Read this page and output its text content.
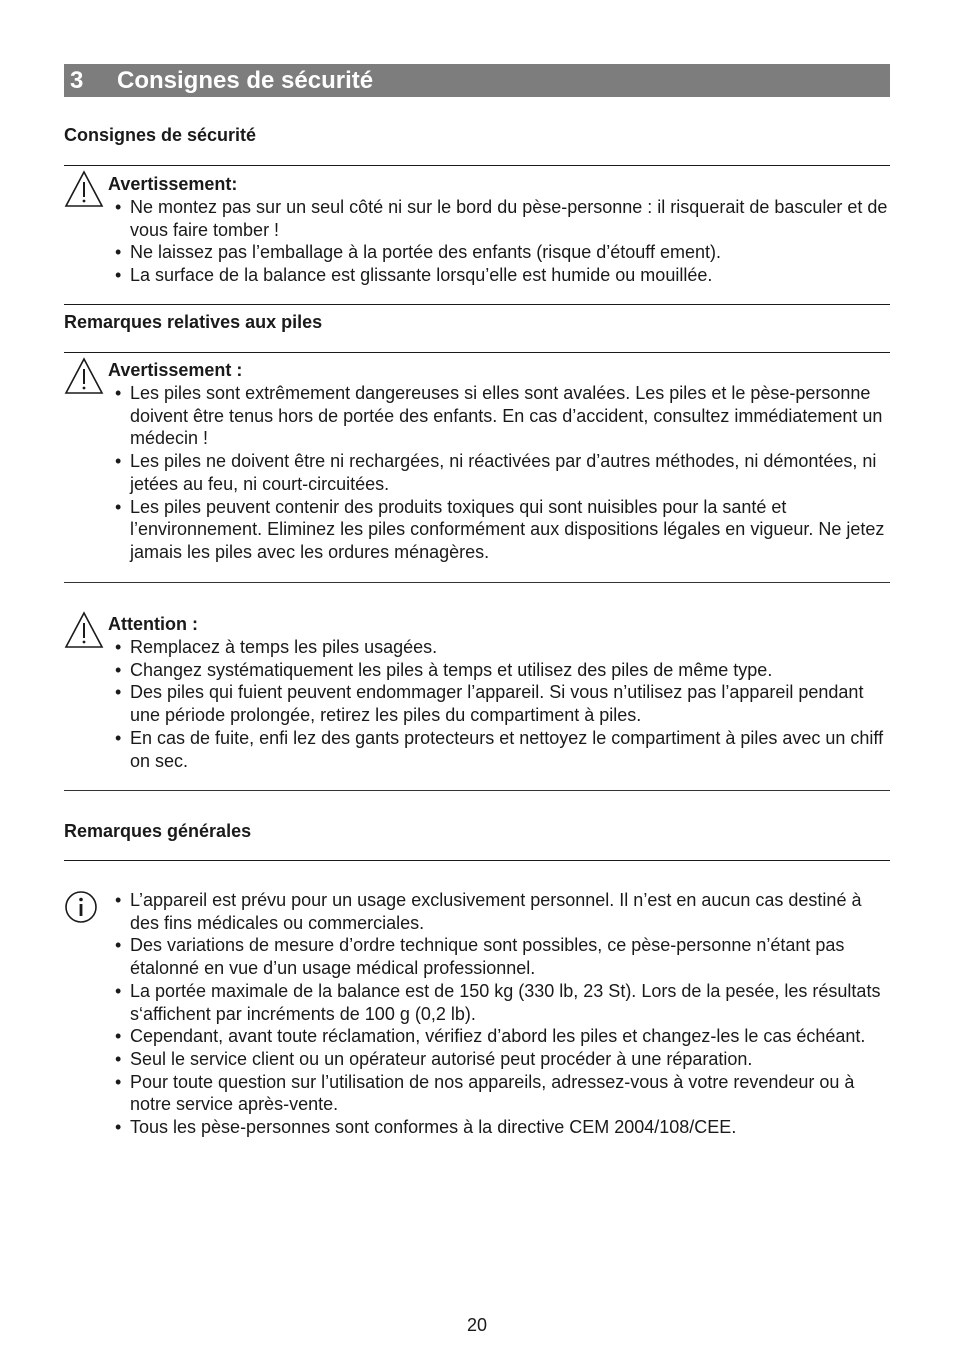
3 Consignes de sécurité
Consignes de sécurité
Avertissement:
• Ne montez pas sur un seul côté ni sur le bord du pèse-personne : il risquerait de basculer et de vous faire tomber !
• Ne laissez pas l’emballage à la portée des enfants (risque d’étouff ement).
• La surface de la balance est glissante lorsqu’elle est humide ou mouillée.
Remarques relatives aux piles
Avertissement :
• Les piles sont extrêmement dangereuses si elles sont avalées. Les piles et le pèse-personne doivent être tenus hors de portée des enfants. En cas d’accident, consultez immédiatement un médecin !
• Les piles ne doivent être ni rechargées, ni réactivées par d’autres méthodes, ni démontées, ni jetées au feu, ni court-circuitées.
• Les piles peuvent contenir des produits toxiques qui sont nuisibles pour la santé et l’environnement. Eliminez les piles conformément aux dispositions légales en vigueur. Ne jetez jamais les piles avec les ordures ménagères.
Attention :
• Remplacez à temps les piles usagées.
• Changez systématiquement les piles à temps et utilisez des piles de même type.
• Des piles qui fuient peuvent endommager l’appareil. Si vous n’utilisez pas l’appareil pendant une période prolongée, retirez les piles du compartiment à piles.
• En cas de fuite, enfi lez des gants protecteurs et nettoyez le compartiment à piles avec un chiff on sec.
Remarques générales
• L’appareil est prévu pour un usage exclusivement personnel. Il n’est en aucun cas destiné à des fins médicales ou commerciales.
• Des variations de mesure d’ordre technique sont possibles, ce pèse-personne n’étant pas étalonné en vue d’un usage médical professionnel.
• La portée maximale de la balance est de 150 kg (330 lb, 23 St). Lors de la pesée, les résultats s‘affichent par incréments de 100 g (0,2 lb).
• Cependant, avant toute réclamation, vérifiez d’abord les piles et changez-les le cas échéant.
• Seul le service client ou un opérateur autorisé peut procéder à une réparation.
• Pour toute question sur l’utilisation de nos appareils, adressez-vous à votre revendeur ou à notre service après-vente.
• Tous les pèse-personnes sont conformes à la directive CEM 2004/108/CEE.
20
